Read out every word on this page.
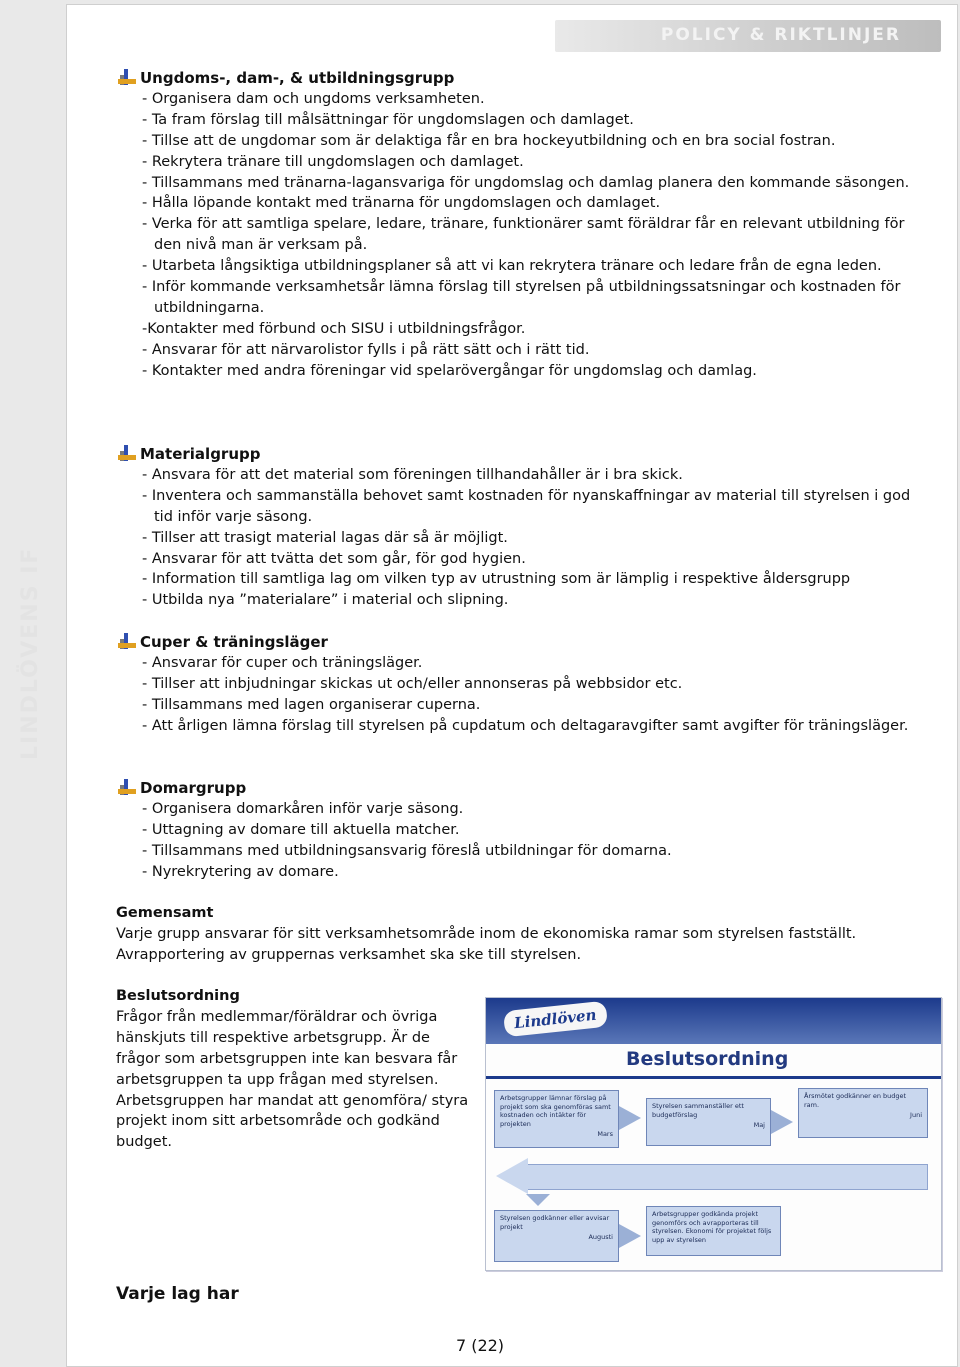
POLICY & RIKTLINJER
LINDLÖVENS IF
Ungdoms-, dam-, & utbildningsgrupp
- Organisera dam och ungdoms verksamheten.
- Ta fram förslag till målsättningar för ungdomslagen och damlaget.
- Tillse att de ungdomar som är delaktiga får en bra hockeyutbildning och en bra social fostran.
- Rekrytera tränare till ungdomslagen och damlaget.
- Tillsammans med tränarna-lagansvariga för ungdomslag och damlag planera den kommande säsongen.
- Hålla löpande kontakt med tränarna för ungdomslagen och damlaget.
- Verka för att samtliga spelare, ledare, tränare, funktionärer samt föräldrar får en relevant utbildning för den nivå man är verksam på.
- Utarbeta långsiktiga utbildningsplaner så att vi kan rekrytera tränare och ledare från de egna leden.
- Inför kommande verksamhetsår lämna förslag till styrelsen på utbildningssatsningar och kostnaden för utbildningarna.
-Kontakter med förbund och SISU i utbildningsfrågor.
- Ansvarar för att närvarolistor fylls i på rätt sätt och i rätt tid.
- Kontakter med andra föreningar vid spelarövergångar för ungdomslag och damlag.
Materialgrupp
- Ansvara för att det material som föreningen tillhandahåller är i bra skick.
- Inventera och sammanställa behovet samt kostnaden för nyanskaffningar av material till styrelsen i god tid inför varje säsong.
- Tillser att trasigt material lagas där så är möjligt.
- Ansvarar för att tvätta det som går, för god hygien.
- Information till samtliga lag om vilken typ av utrustning som är lämplig i respektive åldersgrupp
- Utbilda nya ”materialare” i material och slipning.
Cuper & träningsläger
- Ansvarar för cuper och träningsläger.
- Tillser att inbjudningar skickas ut och/eller annonseras på webbsidor etc.
- Tillsammans med lagen organiserar cuperna.
- Att årligen lämna förslag till styrelsen på cupdatum och deltagaravgifter samt avgifter för träningsläger.
Domargrupp
- Organisera domarkåren inför varje säsong.
- Uttagning av domare till aktuella matcher.
- Tillsammans med utbildningsansvarig föreslå utbildningar för domarna.
- Nyrekrytering av domare.
Gemensamt
Varje grupp ansvarar för sitt verksamhetsområde inom de ekonomiska ramar som styrelsen fastställt. Avrapportering av gruppernas verksamhet ska ske till styrelsen.
Beslutsordning
Frågor från medlemmar/föräldrar och övriga hänskjuts till respektive arbetsgrupp. Är de frågor som arbetsgruppen inte kan besvara får arbetsgruppen ta upp frågan med styrelsen. Arbetsgruppen har mandat att genomföra/ styra projekt inom sitt arbetsområde och godkänd budget.
Lindlöven
Beslutsordning
Arbetsgrupper lämnar förslag på projekt som ska genomföras samt kostnaden och intäkter för projekten
Mars
Styrelsen sammanställer ett budgetförslag
Maj
Årsmötet godkänner en budget ram.
Juni
Styrelsen godkänner eller avvisar projekt
Augusti
Arbetsgrupper godkända projekt genomförs och avrapporteras till styrelsen. Ekonomi för projektet följs upp av styrelsen
Varje lag har
7 (22)
